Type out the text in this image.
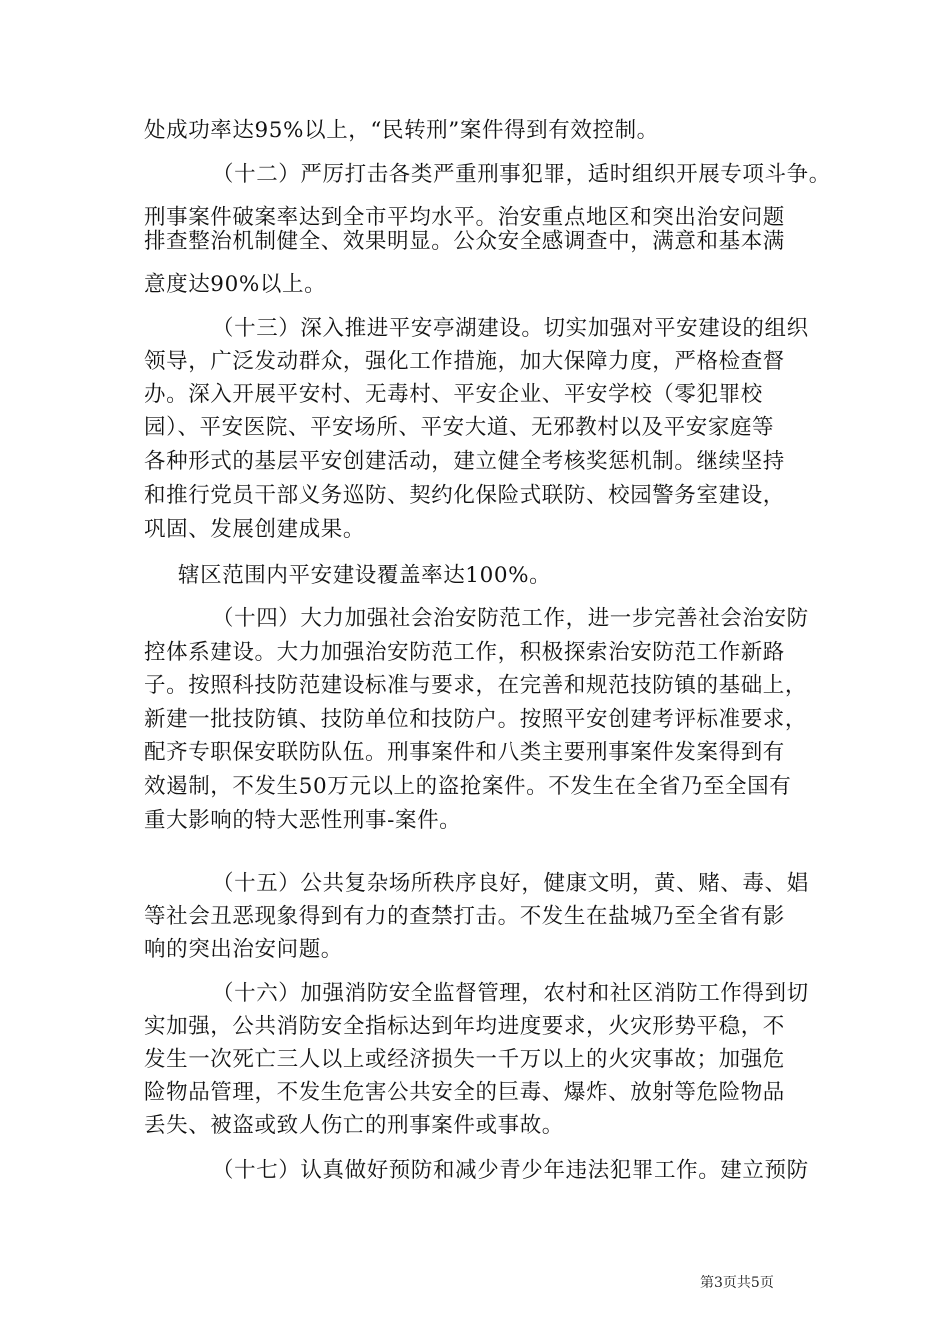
处成功率达95%以上，“民转刑”案件得到有效控制。
（十二）严厉打击各类严重刑事犯罪，适时组织开展专项斗争。
刑事案件破案率达到全市平均水平。治安重点地区和突出治安问题
排查整治机制健全、效果明显。公众安全感调查中，满意和基本满
意度达90%以上。
（十三）深入推进平安亭湖建设。切实加强对平安建设的组织
领导，广泛发动群众，强化工作措施，加大保障力度，严格检查督
办。深入开展平安村、无毒村、平安企业、平安学校（零犯罪校
园）、平安医院、平安场所、平安大道、无邪教村以及平安家庭等
各种形式的基层平安创建活动，建立健全考核奖惩机制。继续坚持
和推行党员干部义务巡防、契约化保险式联防、校园警务室建设，
巩固、发展创建成果。
辖区范围内平安建设覆盖率达100%。
（十四）大力加强社会治安防范工作，进一步完善社会治安防
控体系建设。大力加强治安防范工作，积极探索治安防范工作新路
子。按照科技防范建设标准与要求，在完善和规范技防镇的基础上，
新建一批技防镇、技防单位和技防户。按照平安创建考评标准要求，
配齐专职保安联防队伍。刑事案件和八类主要刑事案件发案得到有
效遏制，不发生50万元以上的盗抢案件。不发生在全省乃至全国有
重大影响的特大恶性刑事-案件。
（十五）公共复杂场所秩序良好，健康文明，黄、赌、毒、娼
等社会丑恶现象得到有力的查禁打击。不发生在盐城乃至全省有影
响的突出治安问题。
（十六）加强消防安全监督管理，农村和社区消防工作得到切
实加强，公共消防安全指标达到年均进度要求，火灾形势平稳，不
发生一次死亡三人以上或经济损失一千万以上的火灾事故；加强危
险物品管理，不发生危害公共安全的巨毒、爆炸、放射等危险物品
丢失、被盗或致人伤亡的刑事案件或事故。
（十七）认真做好预防和减少青少年违法犯罪工作。建立预防
第3页共5页
